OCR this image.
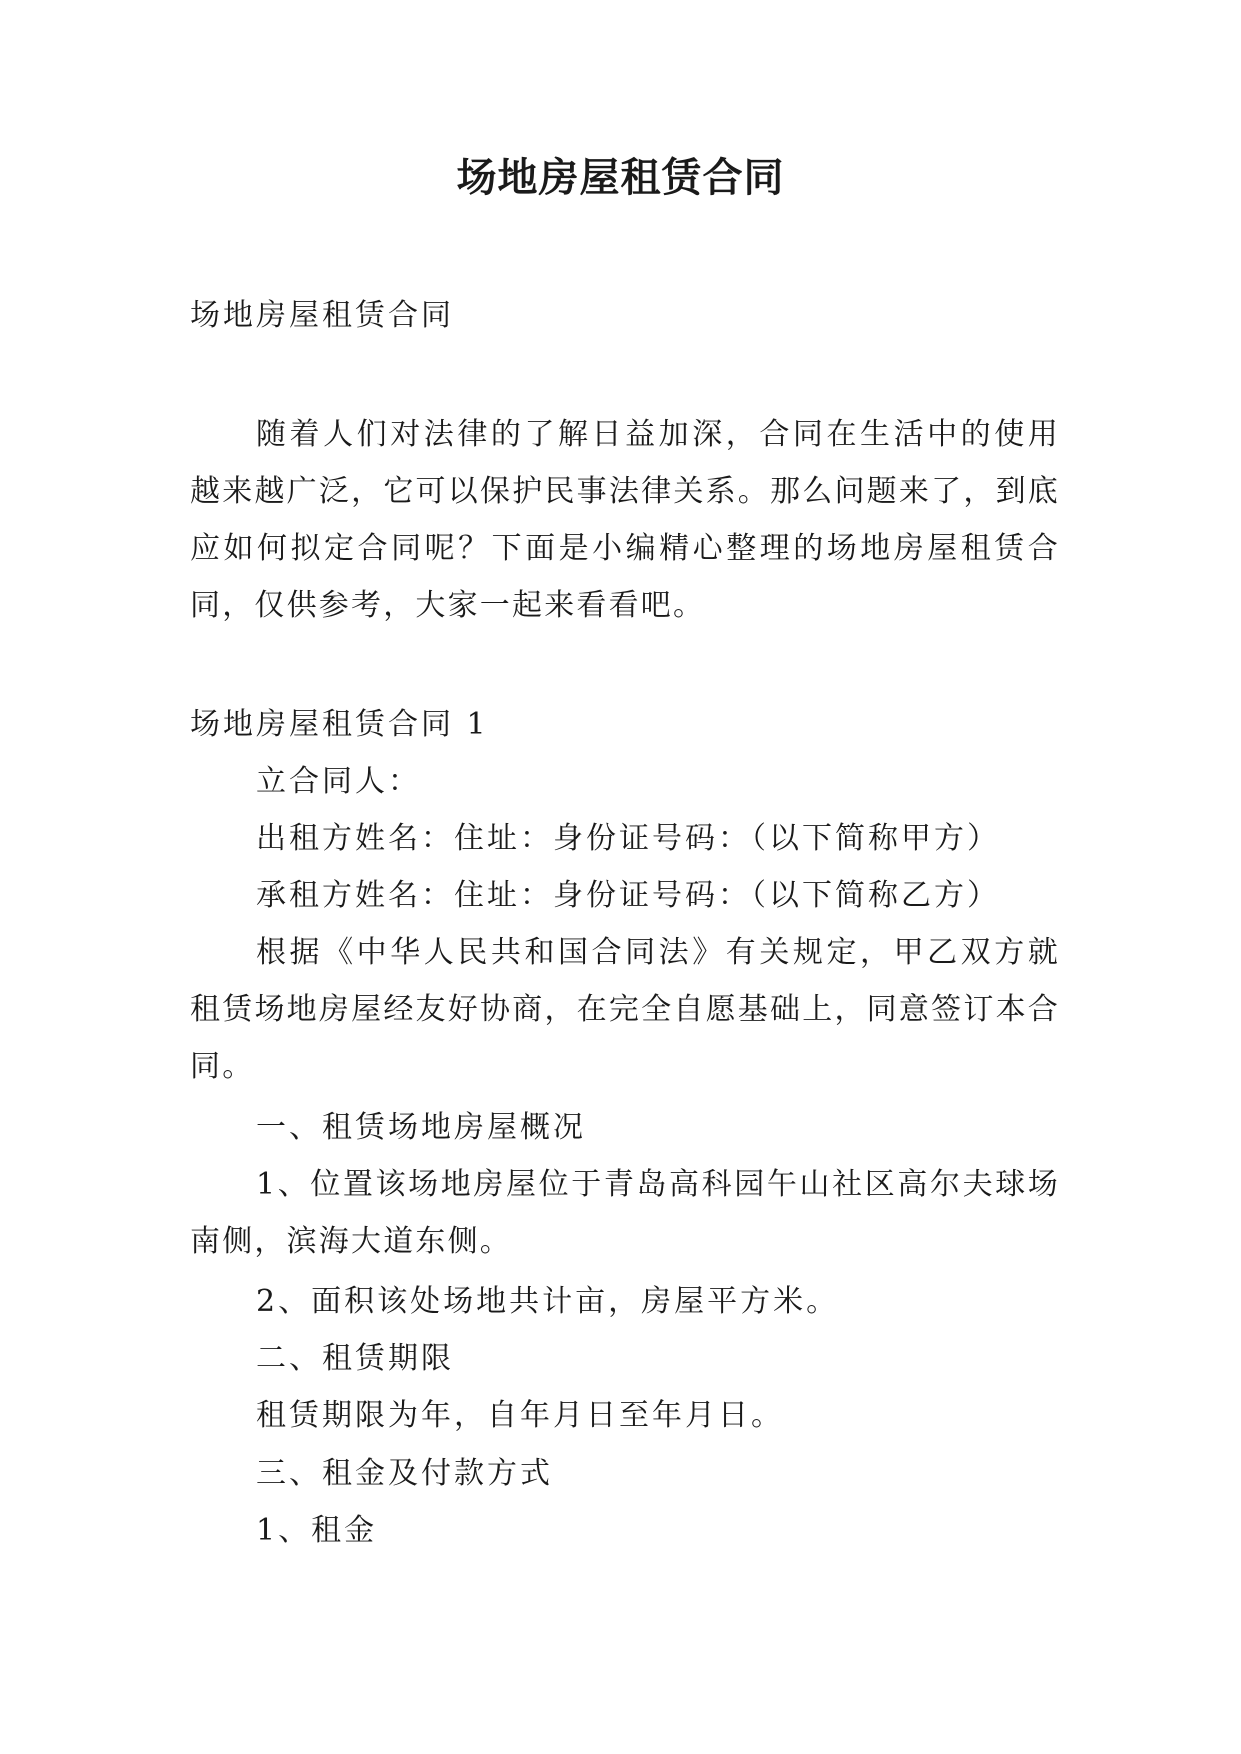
场地房屋租赁合同
场地房屋租赁合同
随着人们对法律的了解日益加深，合同在生活中的使用越来越广泛，它可以保护民事法律关系。那么问题来了，到底应如何拟定合同呢？下面是小编精心整理的场地房屋租赁合同，仅供参考，大家一起来看看吧。
场地房屋租赁合同 1
立合同人：
出租方姓名：住址：身份证号码：（以下简称甲方）
承租方姓名：住址：身份证号码：（以下简称乙方）
根据《中华人民共和国合同法》有关规定，甲乙双方就租赁场地房屋经友好协商，在完全自愿基础上，同意签订本合同。
一、租赁场地房屋概况
1、位置该场地房屋位于青岛高科园午山社区高尔夫球场南侧，滨海大道东侧。
2、面积该处场地共计亩，房屋平方米。
二、租赁期限
租赁期限为年，自年月日至年月日。
三、租金及付款方式
1、租金
